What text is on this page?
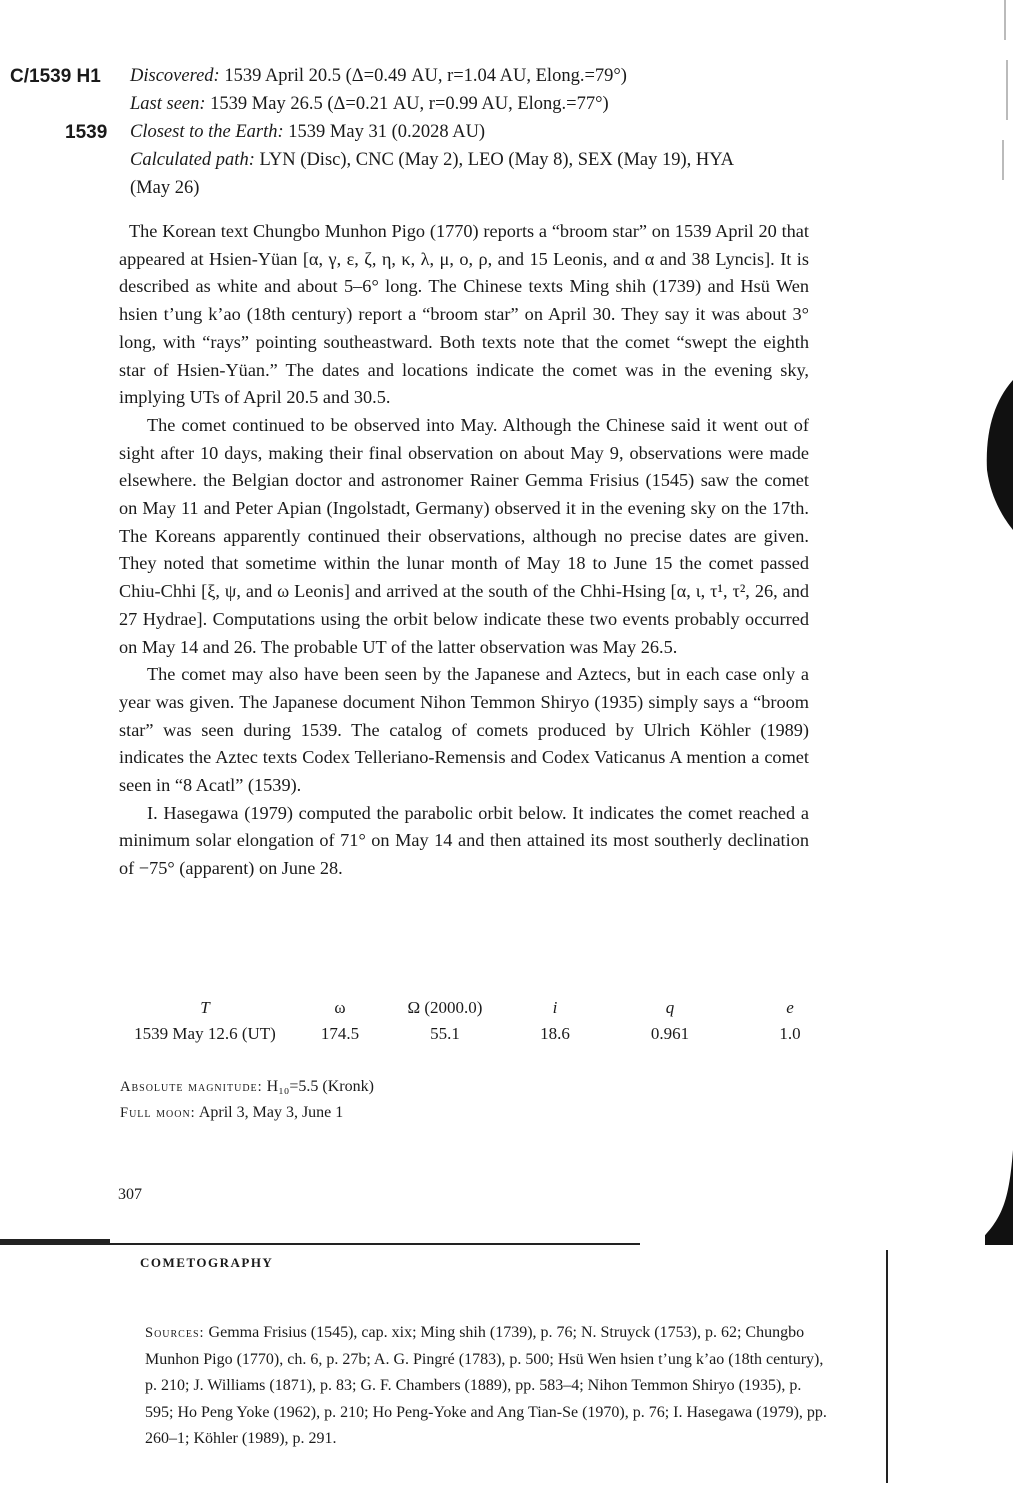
C/1539 H1
1539
Discovered: 1539 April 20.5 (Δ=0.49 AU, r=1.04 AU, Elong.=79°)
Last seen: 1539 May 26.5 (Δ=0.21 AU, r=0.99 AU, Elong.=77°)
Closest to the Earth: 1539 May 31 (0.2028 AU)
Calculated path: LYN (Disc), CNC (May 2), LEO (May 8), SEX (May 19), HYA
(May 26)

The Korean text Chungbo Munhon Pigo (1770) reports a “broom star” on 1539 April 20 that appeared at Hsien-Yüan [α, γ, ε, ζ, η, κ, λ, μ, o, ρ, and 15 Leonis, and α and 38 Lyncis]. It is described as white and about 5–6° long. The Chinese texts Ming shih (1739) and Hsü Wen hsien t’ung k’ao (18th century) report a “broom star” on April 30. They say it was about 3° long, with “rays” pointing southeastward. Both texts note that the comet “swept the eighth star of Hsien-Yüan.” The dates and locations indicate the comet was in the evening sky, implying UTs of April 20.5 and 30.5.

The comet continued to be observed into May. Although the Chinese said it went out of sight after 10 days, making their final observation on about May 9, observations were made elsewhere. the Belgian doctor and astronomer Rainer Gemma Frisius (1545) saw the comet on May 11 and Peter Apian (Ingolstadt, Germany) observed it in the evening sky on the 17th. The Koreans apparently continued their observations, although no precise dates are given. They noted that sometime within the lunar month of May 18 to June 15 the comet passed Chiu-Chhi [ξ, ψ, and ω Leonis] and arrived at the south of the Chhi-Hsing [α, ι, τ¹, τ², 26, and 27 Hydrae]. Computations using the orbit below indicate these two events probably occurred on May 14 and 26. The probable UT of the latter observation was May 26.5.

The comet may also have been seen by the Japanese and Aztecs, but in each case only a year was given. The Japanese document Nihon Temmon Shiryo (1935) simply says a “broom star” was seen during 1539. The catalog of comets produced by Ulrich Köhler (1989) indicates the Aztec texts Codex Telleriano-Remensis and Codex Vaticanus A mention a comet seen in “8 Acatl” (1539).

I. Hasegawa (1979) computed the parabolic orbit below. It indicates the comet reached a minimum solar elongation of 71° on May 14 and then attained its most southerly declination of −75° (apparent) on June 28.

T	ω	Ω (2000.0)	i	q	e
1539 May 12.6 (UT)	174.5	55.1	18.6	0.961	1.0
Absolute magnitude: H₁₀=5.5 (Kronk)
Full moon: April 3, May 3, June 1
307
COMETOGRAPHY
Sources: Gemma Frisius (1545), cap. xix; Ming shih (1739), p. 76; N. Struyck (1753), p. 62; Chungbo Munhon Pigo (1770), ch. 6, p. 27b; A. G. Pingré (1783), p. 500; Hsü Wen hsien t’ung k’ao (18th century), p. 210; J. Williams (1871), p. 83; G. F. Chambers (1889), pp. 583–4; Nihon Temmon Shiryo (1935), p. 595; Ho Peng Yoke (1962), p. 210; Ho Peng-Yoke and Ang Tian-Se (1970), p. 76; I. Hasegawa (1979), pp. 260–1; Köhler (1989), p. 291.
